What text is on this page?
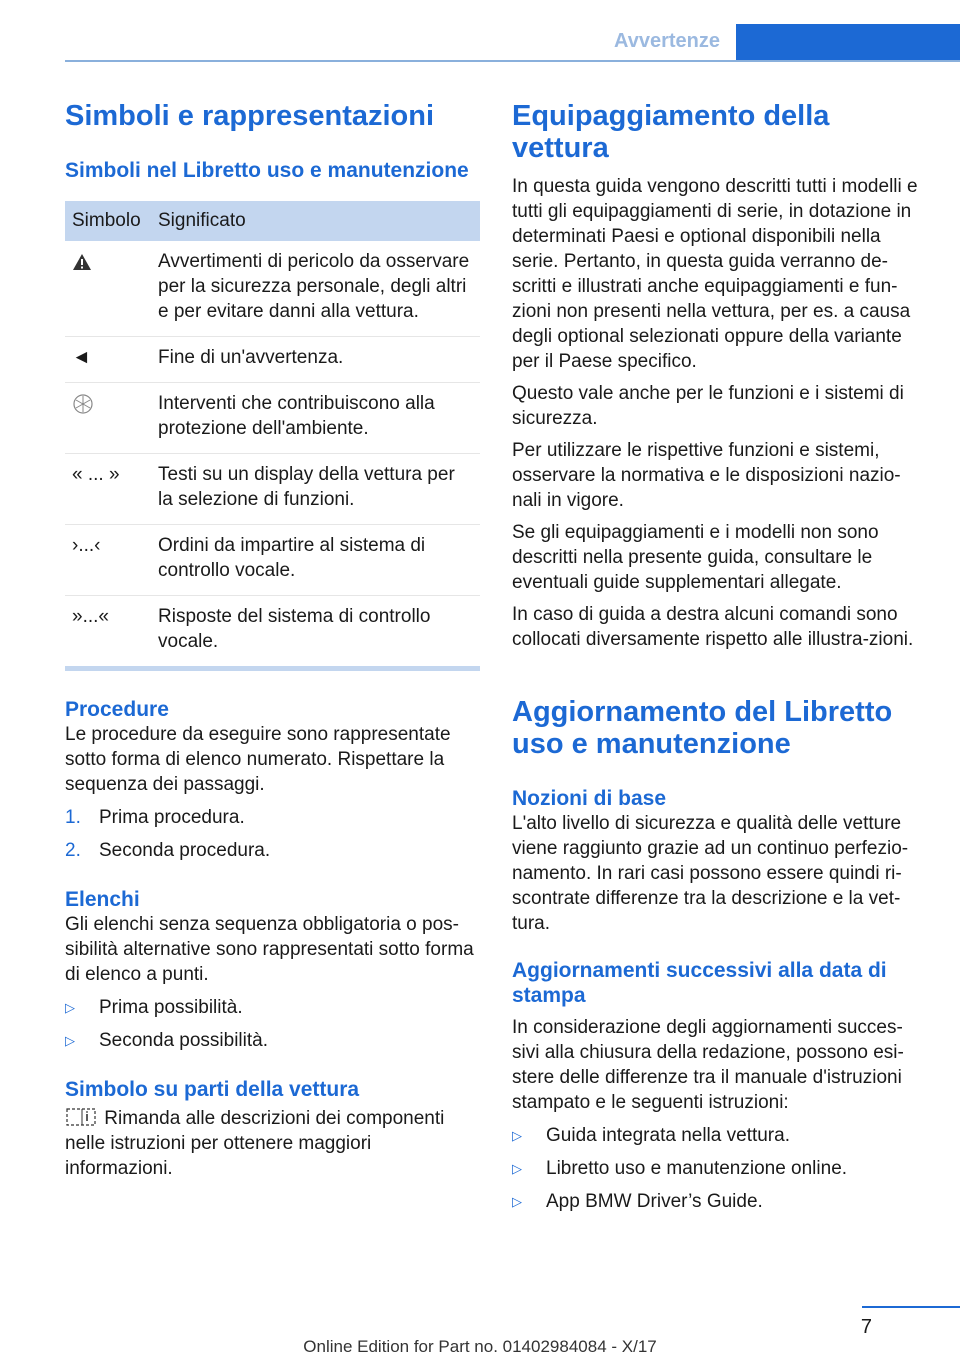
Avvertenze
Simboli e rappresentazioni
Simboli nel Libretto uso e manutenzione
Simbolo	Significato
	Avvertimenti di pericolo da osservare per la sicurezza personale, degli altri e per evitare danni alla vettura.
◄	Fine di un'avvertenza.
	Interventi che contribuiscono alla protezione dell'ambiente.
« ... »	Testi su un display della vettura per la selezione di funzioni.
›...‹	Ordini da impartire al sistema di controllo vocale.
»...«	Risposte del sistema di controllo vocale.
Procedure

Le procedure da eseguire sono rappresentate sotto forma di elenco numerato. Rispettare la sequenza dei passaggi.

1. Prima procedura.
2. Seconda procedura.
Elenchi

Gli elenchi senza sequenza obbligatoria o pos-sibilità alternative sono rappresentati sotto forma di elenco a punti.

▷	Prima possibilità.
▷	Seconda possibilità.
Simbolo su parti della vettura

Rimanda alle descrizioni dei componenti nelle istruzioni per ottenere maggiori informazioni.

Equipaggiamento della vettura

In questa guida vengono descritti tutti i modelli e tutti gli equipaggiamenti di serie, in dotazione in determinati Paesi e optional disponibili nella serie. Pertanto, in questa guida verranno de-scritti e illustrati anche equipaggiamenti e fun-zioni non presenti nella vettura, per es. a causa degli optional selezionati oppure della variante per il Paese specifico.

Questo vale anche per le funzioni e i sistemi di sicurezza.

Per utilizzare le rispettive funzioni e sistemi, osservare la normativa e le disposizioni nazio-nali in vigore.

Se gli equipaggiamenti e i modelli non sono descritti nella presente guida, consultare le eventuali guide supplementari allegate.

In caso di guida a destra alcuni comandi sono collocati diversamente rispetto alle illustra-zioni.

Aggiornamento del Libretto uso e manutenzione
Nozioni di base

L'alto livello di sicurezza e qualità delle vetture viene raggiunto grazie ad un continuo perfezio-namento. In rari casi possono essere quindi ri-scontrate differenze tra la descrizione e la vet-tura.

Aggiornamenti successivi alla data di stampa

In considerazione degli aggiornamenti succes-sivi alla chiusura della redazione, possono esi-stere delle differenze tra il manuale d'istruzioni stampato e le seguenti istruzioni:

▷	Guida integrata nella vettura.
▷	Libretto uso e manutenzione online.
▷	App BMW Driver’s Guide.
7
Online Edition for Part no. 01402984084 - X/17
